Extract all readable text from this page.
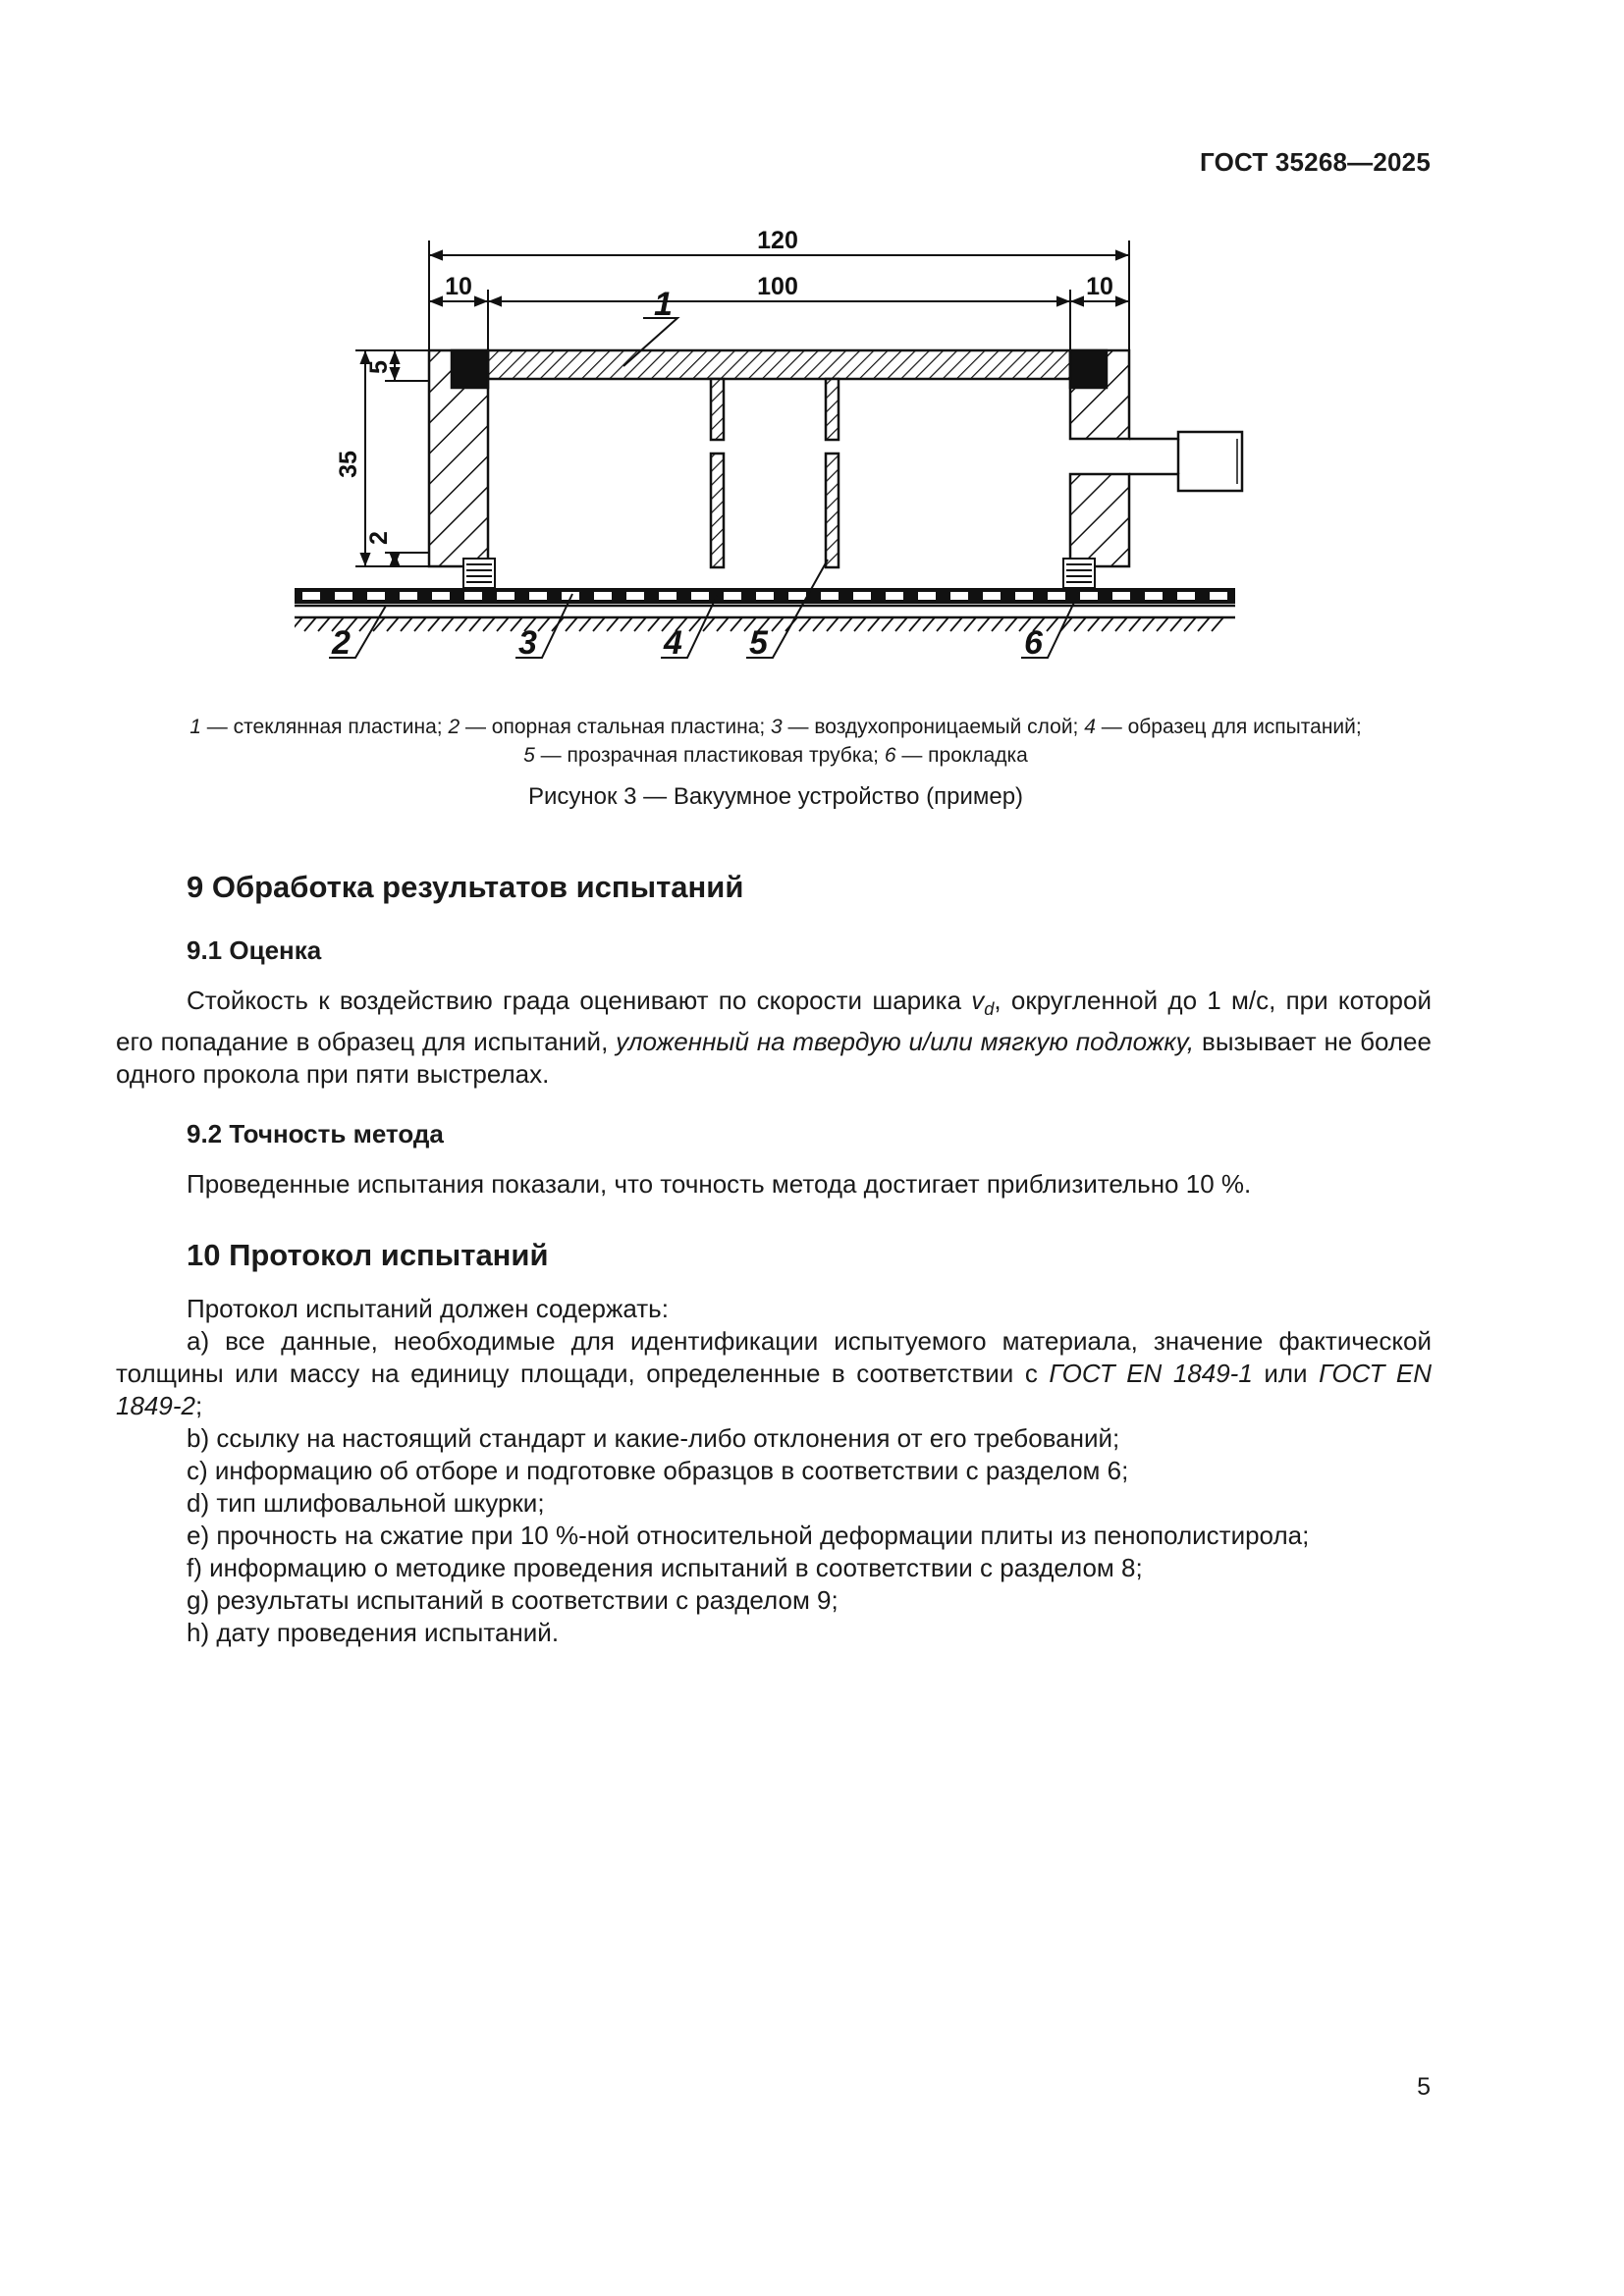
ГОСТ 35268—2025
120
10	100	10
35
5
2
1
2	3	4 5	6
1 — стеклянная пластина; 2 — опорная стальная пластина; 3 — воздухопроницаемый слой; 4 — образец для испытаний;
5 — прозрачная пластиковая трубка; 6 — прокладка
Рисунок 3 — Вакуумное устройство (пример)
9 Обработка результатов испытаний
9.1 Оценка

Стойкость к воздействию града оценивают по скорости шарика $v_d$, округленной до 1 м/с, при которой его попадание в образец для испытаний, уложенный на твердую и/или мягкую подложку, вызывает не более одного прокола при пяти выстрелах.

9.2 Точность метода

Проведенные испытания показали, что точность метода достигает приблизительно 10 %.

10 Протокол испытаний

Протокол испытаний должен содержать:

a) все данные, необходимые для идентификации испытуемого материала, значение фактической толщины или массу на единицу площади, определенные в соответствии с ГОСТ EN 1849-1 или ГОСТ EN 1849-2;

b) ссылку на настоящий стандарт и какие-либо отклонения от его требований;

c) информацию об отборе и подготовке образцов в соответствии с разделом 6;

d) тип шлифовальной шкурки;

e) прочность на сжатие при 10 %-ной относительной деформации плиты из пенополистирола;

f) информацию о методике проведения испытаний в соответствии с разделом 8;

g) результаты испытаний в соответствии с разделом 9;

h) дату проведения испытаний.

5
